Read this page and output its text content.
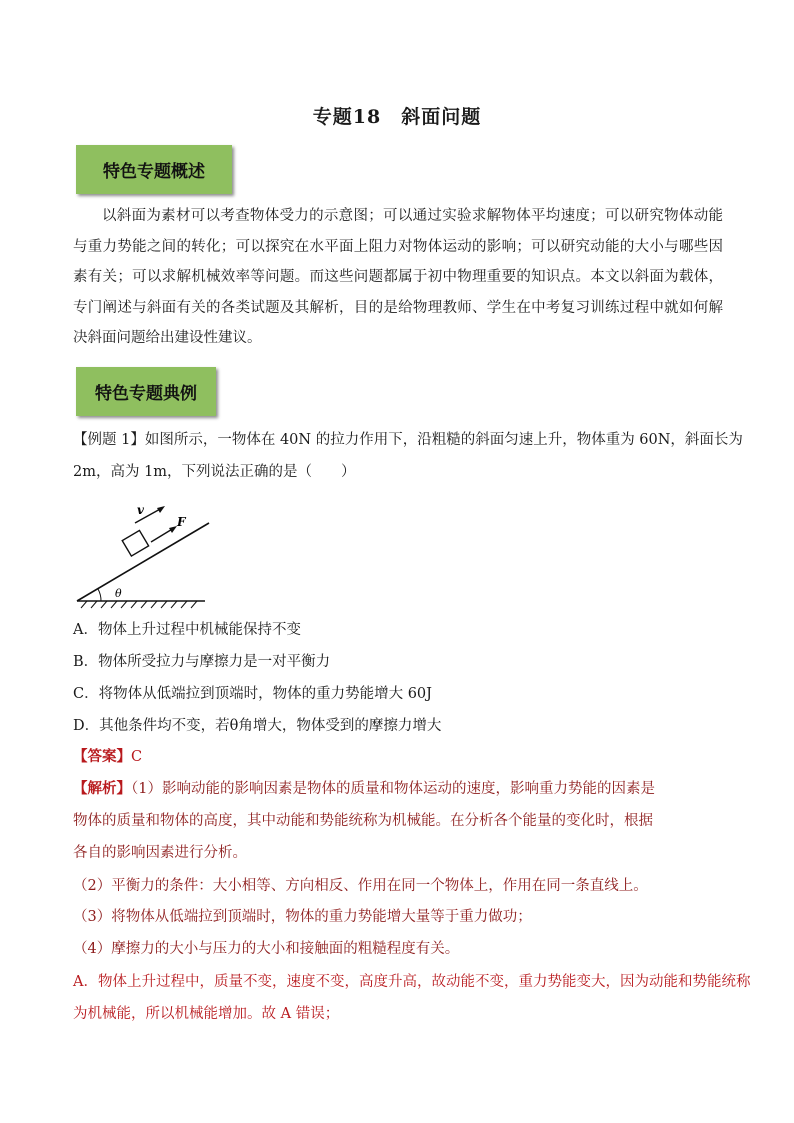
专题18　斜面问题
特色专题概述

以斜面为素材可以考查物体受力的示意图；可以通过实验求解物体平均速度；可以研究物体动能与重力势能之间的转化；可以探究在水平面上阻力对物体运动的影响；可以研究动能的大小与哪些因素有关；可以求解机械效率等问题。而这些问题都属于初中物理重要的知识点。本文以斜面为载体，专门阐述与斜面有关的各类试题及其解析，目的是给物理教师、学生在中考复习训练过程中就如何解决斜面问题给出建设性建议。

特色专题典例

【例题 1】如图所示，一物体在 40N 的拉力作用下，沿粗糙的斜面匀速上升，物体重为 60N，斜面长为

2m，高为 1m，下列说法正确的是（　　）

θ
F
v

A．物体上升过程中机械能保持不变

B．物体所受拉力与摩擦力是一对平衡力

C．将物体从低端拉到顶端时，物体的重力势能增大 60J

D．其他条件均不变，若θ角增大，物体受到的摩擦力增大

【答案】C

【解析】（1）影响动能的影响因素是物体的质量和物体运动的速度，影响重力势能的因素是

物体的质量和物体的高度，其中动能和势能统称为机械能。在分析各个能量的变化时，根据

各自的影响因素进行分析。

（2）平衡力的条件：大小相等、方向相反、作用在同一个物体上，作用在同一条直线上。

（3）将物体从低端拉到顶端时，物体的重力势能增大量等于重力做功；

（4）摩擦力的大小与压力的大小和接触面的粗糙程度有关。

A．物体上升过程中，质量不变，速度不变，高度升高，故动能不变，重力势能变大，因为动能和势能统称

为机械能，所以机械能增加。故 A 错误；
